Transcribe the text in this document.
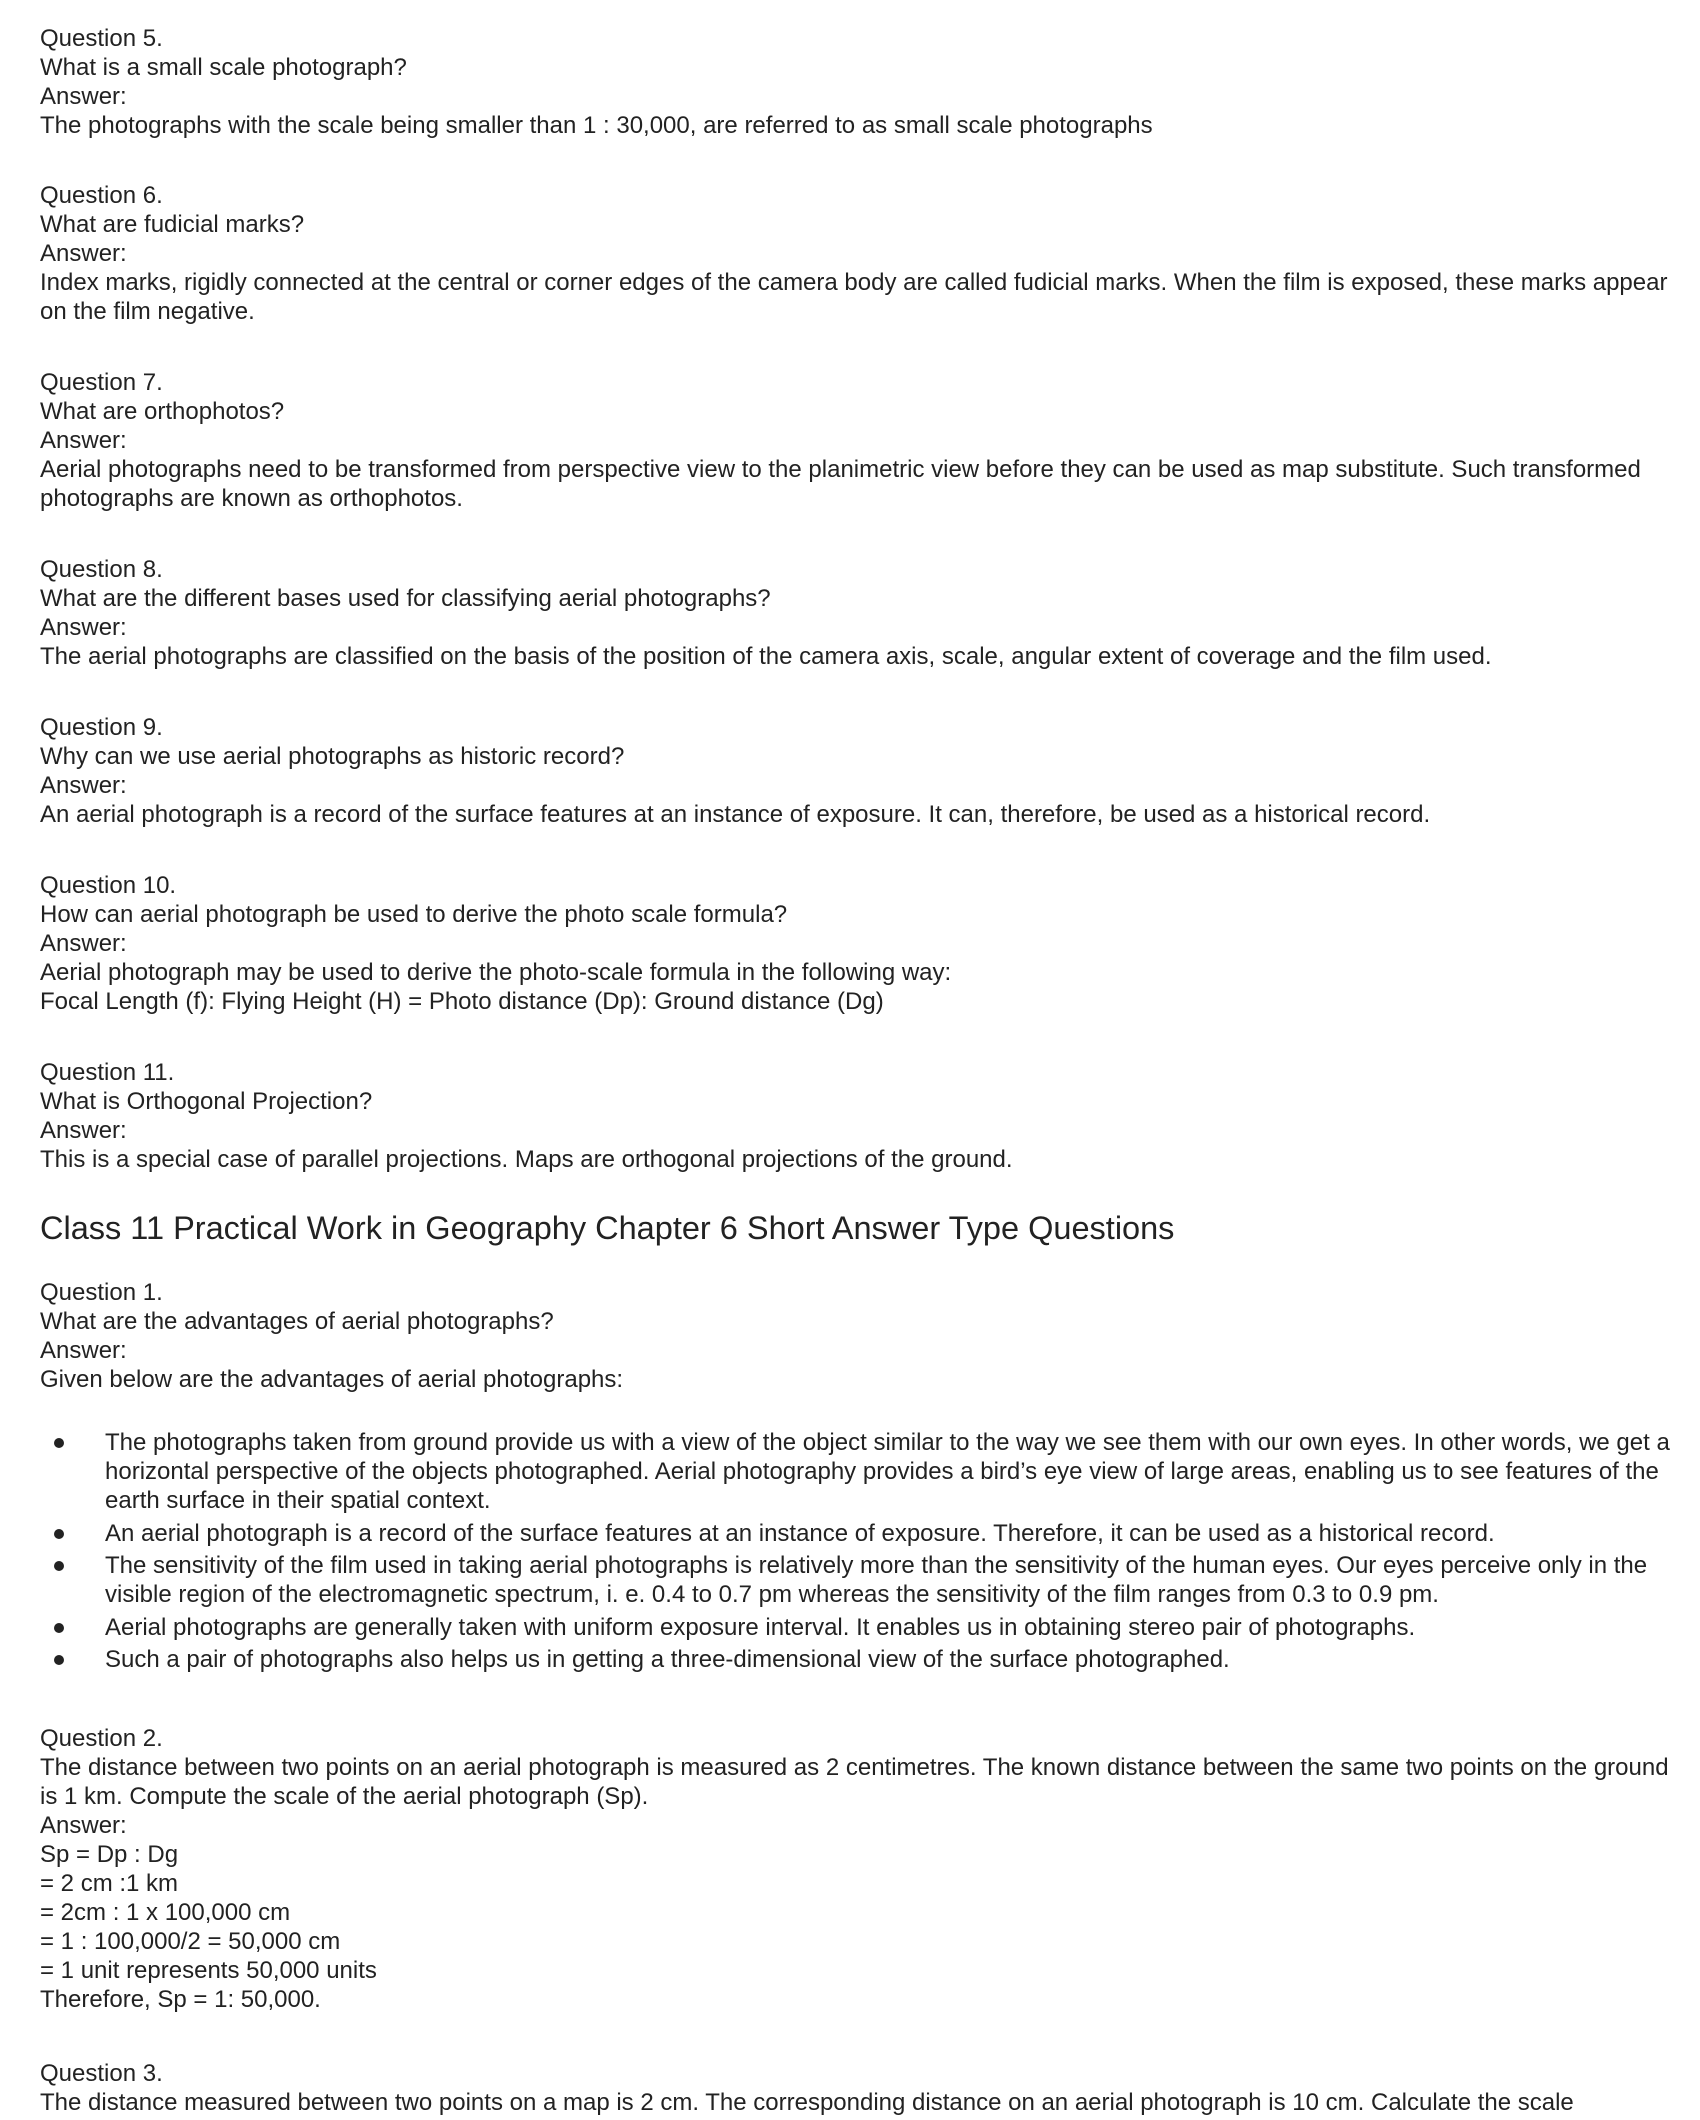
Question 5.

What is a small scale photograph?

Answer:

The photographs with the scale being smaller than 1 : 30,000, are referred to as small scale photographs

Question 6.

What are fudicial marks?

Answer:

Index marks, rigidly connected at the central or corner edges of the camera body are called fudicial marks. When the film is exposed, these marks appear on the film negative.

Question 7.

What are orthophotos?

Answer:

Aerial photographs need to be transformed from perspective view to the planimetric view before they can be used as map substitute. Such transformed photographs are known as orthophotos.

Question 8.

What are the different bases used for classifying aerial photographs?

Answer:

The aerial photographs are classified on the basis of the position of the camera axis, scale, angular extent of coverage and the film used.

Question 9.

Why can we use aerial photographs as historic record?

Answer:

An aerial photograph is a record of the surface features at an instance of exposure. It can, therefore, be used as a historical record.

Question 10.

How can aerial photograph be used to derive the photo scale formula?

Answer:

Aerial photograph may be used to derive the photo-scale formula in the following way:

Focal Length (f): Flying Height (H) = Photo distance (Dp): Ground distance (Dg)

Question 11.

What is Orthogonal Projection?

Answer:

This is a special case of parallel projections. Maps are orthogonal projections of the ground.

Class 11 Practical Work in Geography Chapter 6 Short Answer Type Questions

Question 1.

What are the advantages of aerial photographs?

Answer:

Given below are the advantages of aerial photographs:

The photographs taken from ground provide us with a view of the object similar to the way we see them with our own eyes. In other words, we get a horizontal perspective of the objects photographed. Aerial photography provides a bird’s eye view of large areas, enabling us to see features of the earth surface in their spatial context.
An aerial photograph is a record of the surface features at an instance of exposure. Therefore, it can be used as a historical record.
The sensitivity of the film used in taking aerial photographs is relatively more than the sensitivity of the human eyes. Our eyes perceive only in the visible region of the electromagnetic spectrum, i. e. 0.4 to 0.7 pm whereas the sensitivity of the film ranges from 0.3 to 0.9 pm.
Aerial photographs are generally taken with uniform exposure interval. It enables us in obtaining stereo pair of photographs.
Such a pair of photographs also helps us in getting a three-dimensional view of the surface photographed.

Question 2.

The distance between two points on an aerial photograph is measured as 2 centimetres. The known distance between the same two points on the ground is 1 km. Compute the scale of the aerial photograph (Sp).

Answer:

Sp = Dp : Dg

= 2 cm :1 km

= 2cm : 1 x 100,000 cm

= 1 : 100,000/2 = 50,000 cm

= 1 unit represents 50,000 units

Therefore, Sp = 1: 50,000.

Question 3.

The distance measured between two points on a map is 2 cm. The corresponding distance on an aerial photograph is 10 cm. Calculate the scale
